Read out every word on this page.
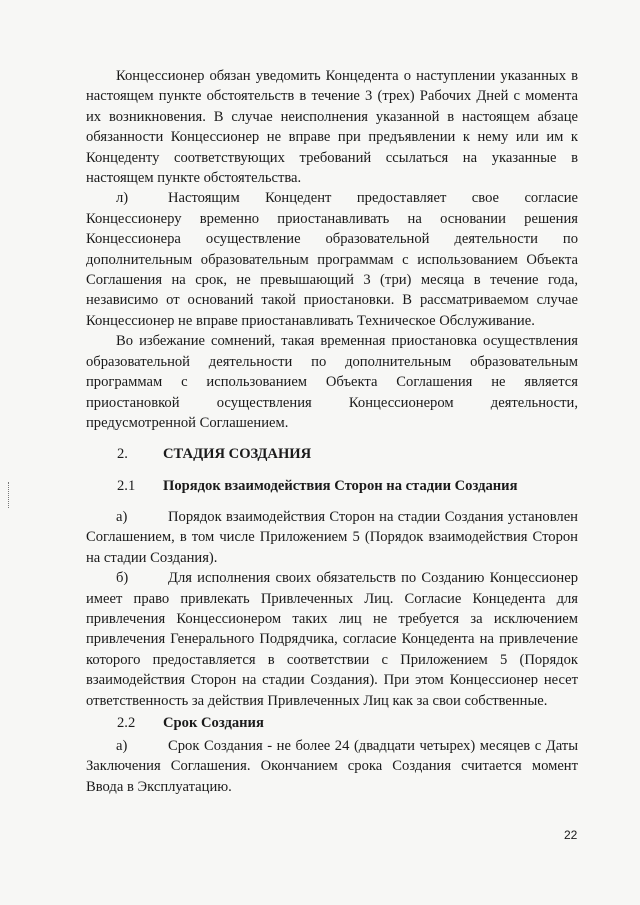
Концессионер обязан уведомить Концедента о наступлении указанных в настоящем пункте обстоятельств в течение 3 (трех) Рабочих Дней с момента их возникновения. В случае неисполнения указанной в настоящем абзаце обязанности Концессионер не вправе при предъявлении к нему или им к Концеденту соответствующих требований ссылаться на указанные в настоящем пункте обстоятельства.

л)	Настоящим Концедент предоставляет свое согласие Концессионеру временно приостанавливать на основании решения Концессионера осуществление образовательной деятельности по дополнительным образовательным программам с использованием Объекта Соглашения на срок, не превышающий 3 (три) месяца в течение года, независимо от оснований такой приостановки. В рассматриваемом случае Концессионер не вправе приостанавливать Техническое Обслуживание.

Во избежание сомнений, такая временная приостановка осуществления образовательной деятельности по дополнительным образовательным программам с использованием Объекта Соглашения не является приостановкой осуществления Концессионером деятельности, предусмотренной Соглашением.

2. СТАДИЯ СОЗДАНИЯ
2.1 Порядок взаимодействия Сторон на стадии Создания

а)	Порядок взаимодействия Сторон на стадии Создания установлен Соглашением, в том числе Приложением 5 (Порядок взаимодействия Сторон на стадии Создания).

б)	Для исполнения своих обязательств по Созданию Концессионер имеет право привлекать Привлеченных Лиц. Согласие Концедента для привлечения Концессионером таких лиц не требуется за исключением привлечения Генерального Подрядчика, согласие Концедента на привлечение которого предоставляется в соответствии с Приложением 5 (Порядок взаимодействия Сторон на стадии Создания). При этом Концессионер несет ответственность за действия Привлеченных Лиц как за свои собственные.

2.2 Срок Создания

а)	Срок Создания - не более 24 (двадцати четырех) месяцев с Даты Заключения Соглашения. Окончанием срока Создания считается момент Ввода в Эксплуатацию.

22
